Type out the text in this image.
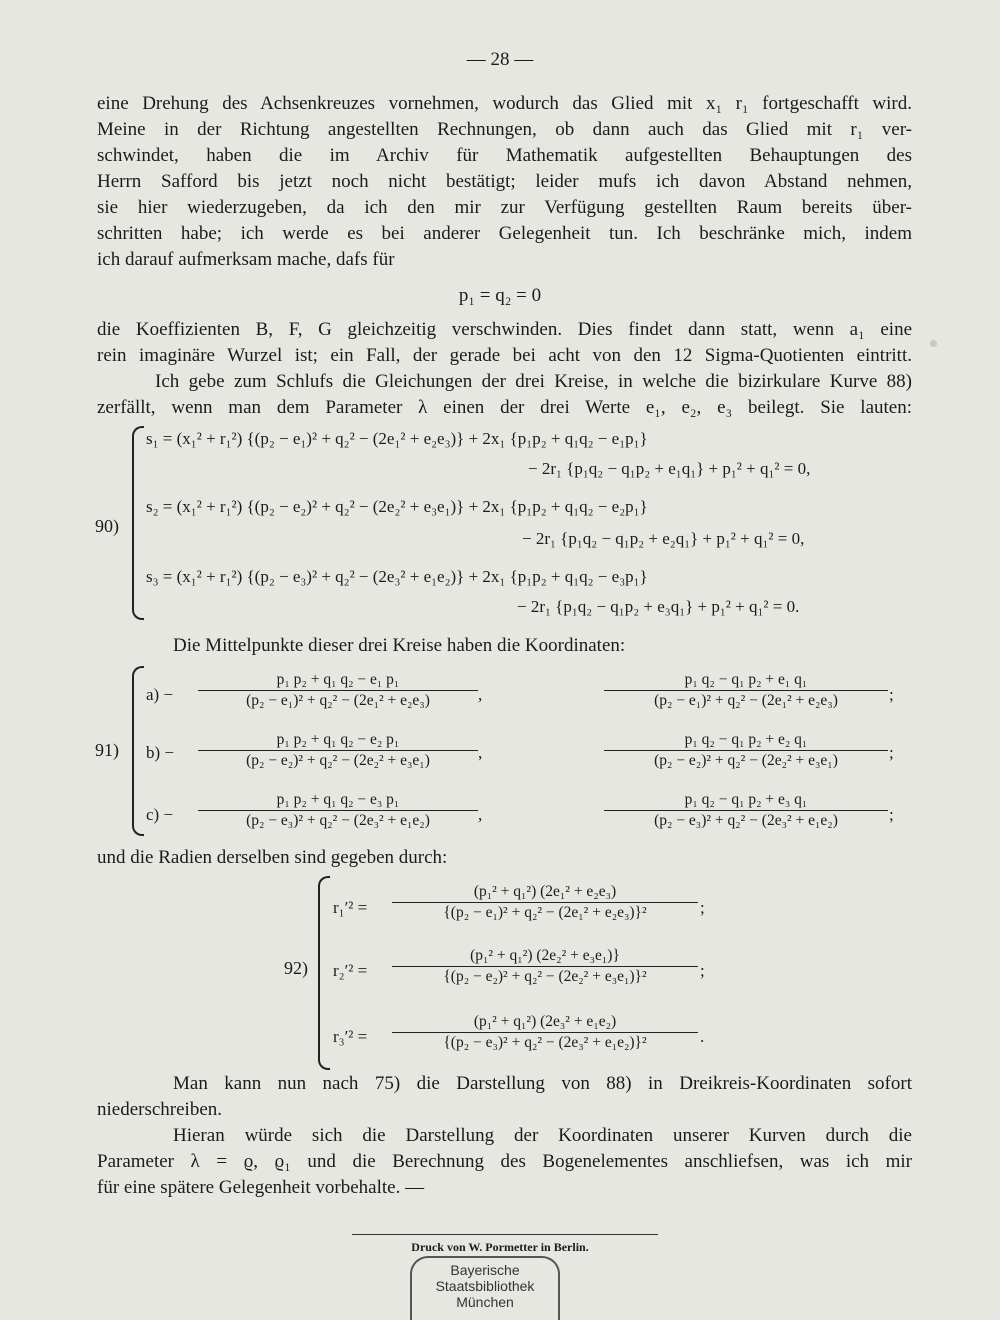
— 28 —
eine Drehung des Achsenkreuzes vornehmen, wodurch das Glied mit x₁ r₁ fortgeschafft wird.
Meine in der Richtung angestellten Rechnungen, ob dann auch das Glied mit r₁ ver-
schwindet, haben die im Archiv für Mathematik aufgestellten Behauptungen des
Herrn Safford bis jetzt noch nicht bestätigt; leider mufs ich davon Abstand nehmen,
sie hier wiederzugeben, da ich den mir zur Verfügung gestellten Raum bereits über-
schritten habe; ich werde es bei anderer Gelegenheit tun. Ich beschränke mich, indem
ich darauf aufmerksam mache, dafs für
p₁ = q₂ = 0
die Koeffizienten B, F, G gleichzeitig verschwinden. Dies findet dann statt, wenn a₁ eine
rein imaginäre Wurzel ist; ein Fall, der gerade bei acht von den 12 Sigma-Quotienten eintritt.
Ich gebe zum Schlufs die Gleichungen der drei Kreise, in welche die bizirkulare Kurve 88)
zerfällt, wenn man dem Parameter λ einen der drei Werte e₁, e₂, e₃ beilegt. Sie lauten:
90)
s₁ = (x₁² + r₁²) {(p₂ − e₁)² + q₂² − (2e₁² + e₂e₃)} + 2x₁ {p₁p₂ + q₁q₂ − e₁p₁}
− 2r₁ {p₁q₂ − q₁p₂ + e₁q₁} + p₁² + q₁² = 0,
s₂ = (x₁² + r₁²) {(p₂ − e₂)² + q₂² − (2e₂² + e₃e₁)} + 2x₁ {p₁p₂ + q₁q₂ − e₂p₁}
− 2r₁ {p₁q₂ − q₁p₂ + e₂q₁} + p₁² + q₁² = 0,
s₃ = (x₁² + r₁²) {(p₂ − e₃)² + q₂² − (2e₃² + e₁e₂)} + 2x₁ {p₁p₂ + q₁q₂ − e₃p₁}
− 2r₁ {p₁q₂ − q₁p₂ + e₃q₁} + p₁² + q₁² = 0.
Die Mittelpunkte dieser drei Kreise haben die Koordinaten:
91)
$a) - \frac{\text{p₁ p₂ + q₁ q₂ − e₁ p₁}}{\text{(p₂ − e₁)² + q₂² − (2e₁² + e₂e₃)}}$ ,	$\frac{\text{p₁ q₂ − q₁ p₂ + e₁ q₁}}{\text{(p₂ − e₁)² + q₂² − (2e₁² + e₂e₃)}}$ ;
$b) - \frac{\text{p₁ p₂ + q₁ q₂ − e₂ p₁}}{\text{(p₂ − e₂)² + q₂² − (2e₂² + e₃e₁)}}$ ,	$\frac{\text{p₁ q₂ − q₁ p₂ + e₂ q₁}}{\text{(p₂ − e₂)² + q₂² − (2e₂² + e₃e₁)}}$ ;
$c) - \frac{\text{p₁ p₂ + q₁ q₂ − e₃ p₁}}{\text{(p₂ − e₃)² + q₂² − (2e₃² + e₁e₂)}}$ ,	$\frac{\text{p₁ q₂ − q₁ p₂ + e₃ q₁}}{\text{(p₂ − e₃)² + q₂² − (2e₃² + e₁e₂)}}$ ;
und die Radien derselben sind gegeben durch:
92)
$r_1'^2 = \frac{\text{(p₁² + q₁²) (2e₁² + e₂e₃)}}{\text{\{(p₂ − e₁)² + q₂² − (2e₁² + e₂e₃)\}²}}$ ;
$r_2'^2 = \frac{\text{(p₁² + q₁²) (2e₂² + e₃e₁)\}}}{\text{\{(p₂ − e₂)² + q₂² − (2e₂² + e₃e₁)\}²}}$ ;
$r_3'^2 = \frac{\text{(p₁² + q₁²) (2e₃² + e₁e₂)}}{\text{\{(p₂ − e₃)² + q₂² − (2e₃² + e₁e₂)\}²}}$ .
Man kann nun nach 75) die Darstellung von 88) in Dreikreis-Koordinaten sofort
niederschreiben.
Hieran würde sich die Darstellung der Koordinaten unserer Kurven durch die
Parameter λ = ϱ, ϱ₁ und die Berechnung des Bogenelementes anschliefsen, was ich mir
für eine spätere Gelegenheit vorbehalte. —
Druck von W. Pormetter in Berlin.
Bayerische
Staatsbibliothek
München
